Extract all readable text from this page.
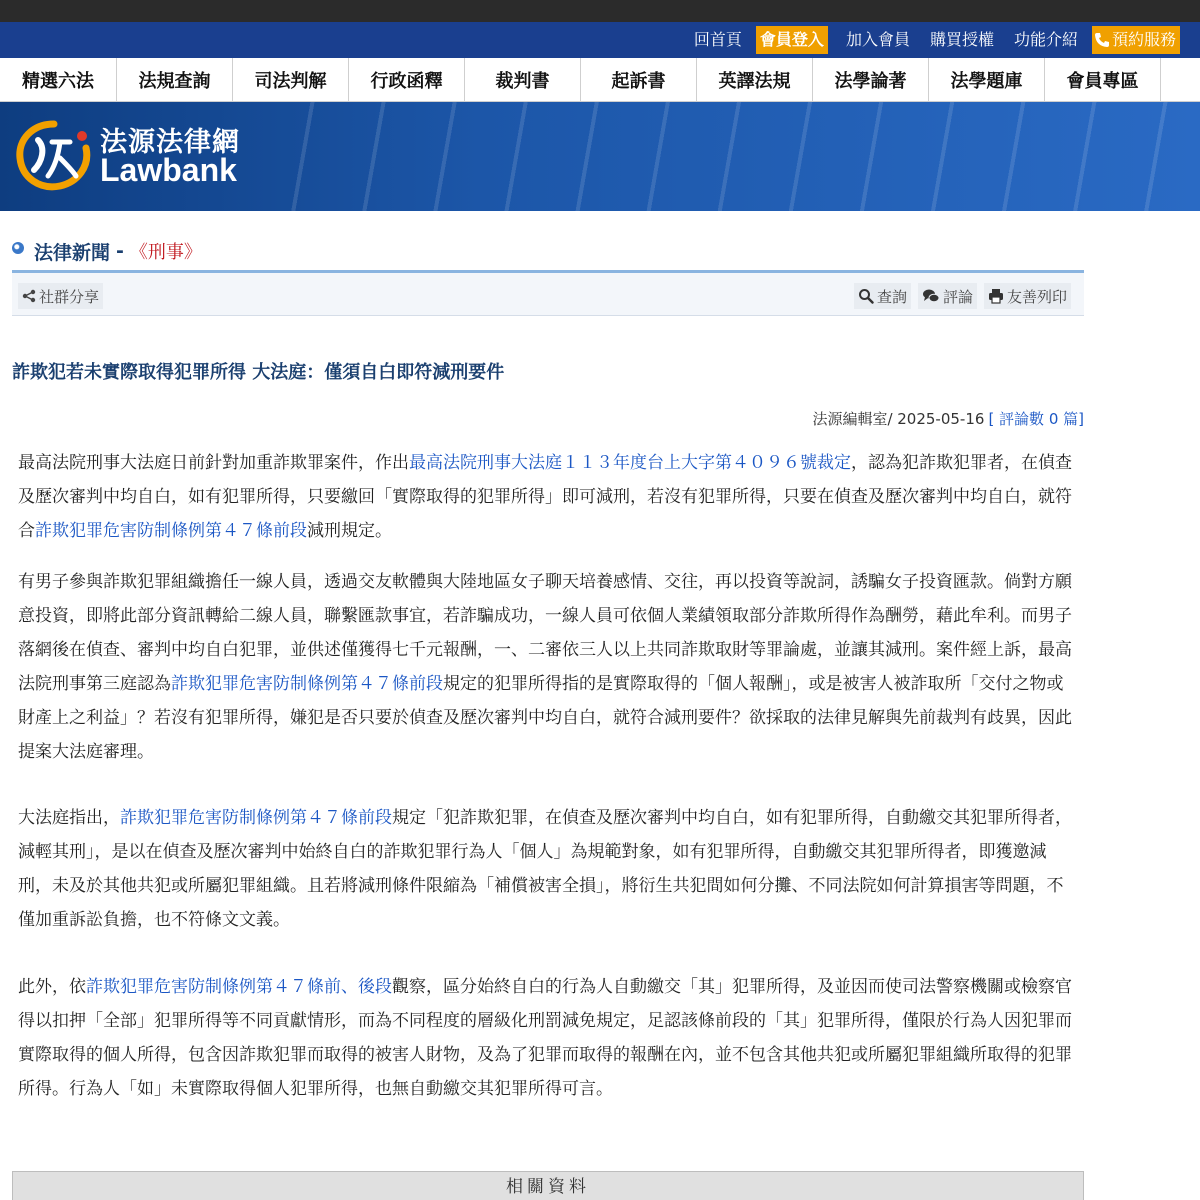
回首頁	會員登入	加入會員	購買授權	功能介紹	預約服務
精選六法	法規查詢	司法判解	行政函釋	裁判書	起訴書	英譯法規	法學論著	法學題庫	會員專區
法源法律網
Lawbank
法律新聞 - 《刑事》
社群分享	查詢 評論 友善列印
詐欺犯若未實際取得犯罪所得 大法庭：僅須自白即符減刑要件
法源編輯室/ 2025-05-16 [ 評論數 0 篇]

最高法院刑事大法庭日前針對加重詐欺罪案件，作出最高法院刑事大法庭１１３年度台上大字第４０９６號裁定，認為犯詐欺犯罪者，在偵查及歷次審判中均自白，如有犯罪所得，只要繳回「實際取得的犯罪所得」即可減刑，若沒有犯罪所得，只要在偵查及歷次審判中均自白，就符合詐欺犯罪危害防制條例第４７條前段減刑規定。

有男子參與詐欺犯罪組織擔任一線人員，透過交友軟體與大陸地區女子聊天培養感情、交往，再以投資等說詞，誘騙女子投資匯款。倘對方願意投資，即將此部分資訊轉給二線人員，聯繫匯款事宜，若詐騙成功，一線人員可依個人業績領取部分詐欺所得作為酬勞，藉此牟利。而男子落網後在偵查、審判中均自白犯罪，並供述僅獲得七千元報酬，一、二審依三人以上共同詐欺取財等罪論處，並讓其減刑。案件經上訴，最高法院刑事第三庭認為詐欺犯罪危害防制條例第４７條前段規定的犯罪所得指的是實際取得的「個人報酬」，或是被害人被詐取所「交付之物或財產上之利益」？若沒有犯罪所得，嫌犯是否只要於偵查及歷次審判中均自白，就符合減刑要件？欲採取的法律見解與先前裁判有歧異，因此提案大法庭審理。

大法庭指出，詐欺犯罪危害防制條例第４７條前段規定「犯詐欺犯罪，在偵查及歷次審判中均自白，如有犯罪所得，自動繳交其犯罪所得者，減輕其刑」，是以在偵查及歷次審判中始終自白的詐欺犯罪行為人「個人」為規範對象，如有犯罪所得，自動繳交其犯罪所得者，即獲邀減刑，未及於其他共犯或所屬犯罪組織。且若將減刑條件限縮為「補償被害全損」，將衍生共犯間如何分攤、不同法院如何計算損害等問題，不僅加重訴訟負擔，也不符條文文義。

此外，依詐欺犯罪危害防制條例第４７條前、後段觀察，區分始終自白的行為人自動繳交「其」犯罪所得，及並因而使司法警察機關或檢察官得以扣押「全部」犯罪所得等不同貢獻情形，而為不同程度的層級化刑罰減免規定，足認該條前段的「其」犯罪所得，僅限於行為人因犯罪而實際取得的個人所得，包含因詐欺犯罪而取得的被害人財物，及為了犯罪而取得的報酬在內，並不包含其他共犯或所屬犯罪組織所取得的犯罪所得。行為人「如」未實際取得個人犯罪所得，也無自動繳交其犯罪所得可言。

相關資料
